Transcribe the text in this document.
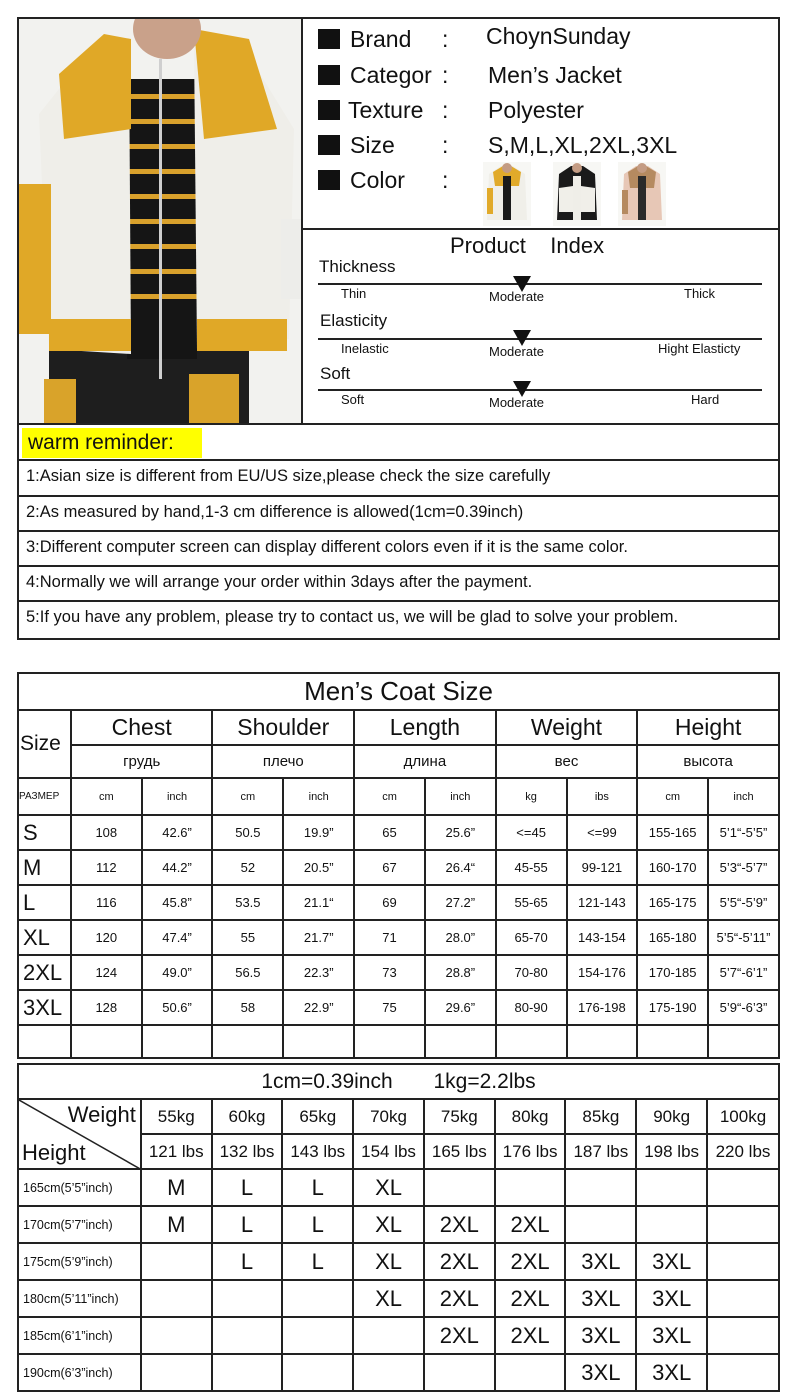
Brand : ChoynSunday
Categor : Men’s Jacket
Texture : Polyester
Size : S,M,L,XL,2XL,3XL
Color :
Product    Index
Thickness
Thin	Moderate	Thick
Elasticity
Inelastic	Moderate	Hight Elasticty
Soft
Soft	Moderate	Hard
warm reminder:
1:Asian size is different from EU/US size,please check the size carefully
2:As measured by hand,1-3 cm difference is allowed(1cm=0.39inch)
3:Different computer screen can display different colors even if it is the same color.
4:Normally we will arrange your order within 3days after the payment.
5:If you have any problem, please try to contact us, we will be glad to solve your problem.
Men’s Coat Size										
Size	Chest		Shoulder		Length		Weight		Height	
	грудь		плечо		длина		вес		высота	
РАЗМЕР	cm	inch	cm	inch	cm	inch	kg	ibs	cm	inch
S	108	42.6”	50.5	19.9”	65	25.6”	<=45	<=99	155-165	5’1“-5’5”
M	112	44.2”	52	20.5”	67	26.4“	45-55	99-121	160-170	5’3“-5’7”
L	116	45.8”	53.5	21.1“	69	27.2”	55-65	121-143	165-175	5’5“-5’9”
XL	120	47.4”	55	21.7”	71	28.0”	65-70	143-154	165-180	5’5“-5’11”
2XL	124	49.0”	56.5	22.3”	73	28.8”	70-80	154-176	170-185	5’7“-6’1”
3XL	128	50.6”	58	22.9”	75	29.6”	80-90	176-198	175-190	5’9“-6’3”

1cm=0.39inch       1kg=2.2lbs									

Weight
Height	55kg	60kg	65kg	70kg	75kg	80kg	85kg	90kg	100kg
	121 lbs	132 lbs	143 lbs	154 lbs	165 lbs	176 lbs	187 lbs	198 lbs	220 lbs
165cm(5’5”inch)	M	L	L	XL					
170cm(5’7”inch)	M	L	L	XL	2XL	2XL			
175cm(5’9”inch)		L	L	XL	2XL	2XL	3XL	3XL	
180cm(5’11”inch)				XL	2XL	2XL	3XL	3XL	
185cm(6’1”inch)					2XL	2XL	3XL	3XL	
190cm(6’3”inch)							3XL	3XL	
